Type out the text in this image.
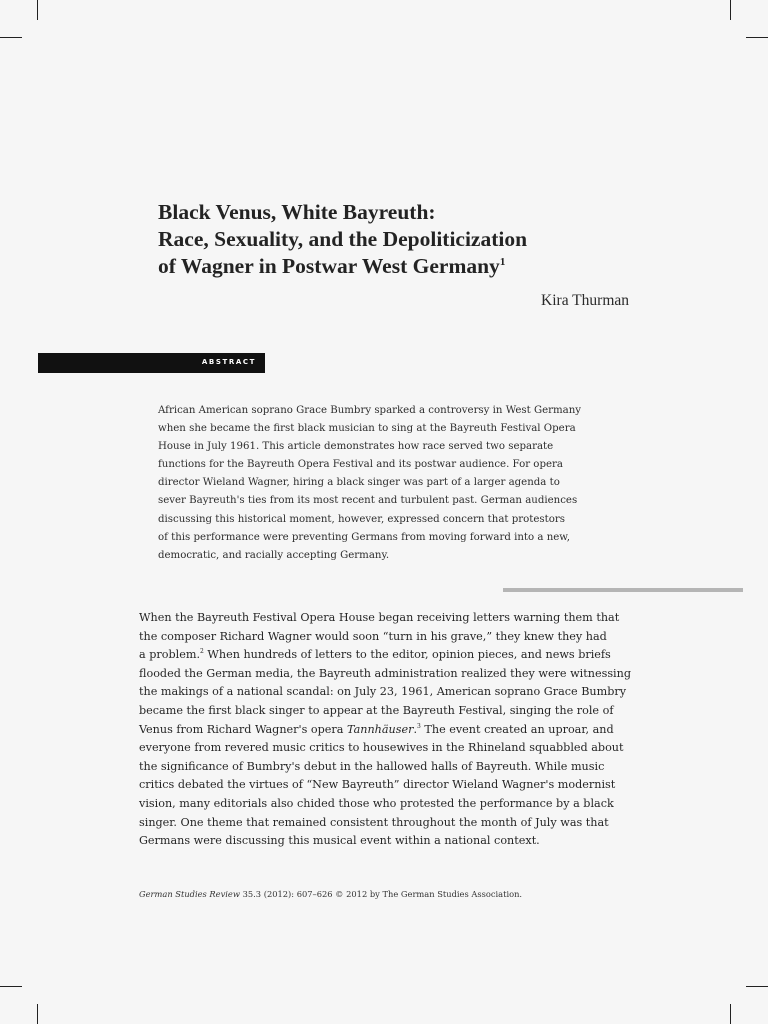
Black Venus, White Bayreuth:
Race, Sexuality, and the Depoliticization
of Wagner in Postwar West Germany$^1$
Kira Thurman
ABSTRACT
African American soprano Grace Bumbry sparked a controversy in West Germany
when she became the first black musician to sing at the Bayreuth Festival Opera
House in July 1961. This article demonstrates how race served two separate
functions for the Bayreuth Opera Festival and its postwar audience. For opera
director Wieland Wagner, hiring a black singer was part of a larger agenda to
sever Bayreuth's ties from its most recent and turbulent past. German audiences
discussing this historical moment, however, expressed concern that protestors
of this performance were preventing Germans from moving forward into a new,
democratic, and racially accepting Germany.
When the Bayreuth Festival Opera House began receiving letters warning them that
the composer Richard Wagner would soon “turn in his grave,” they knew they had
a problem.$^2$ When hundreds of letters to the editor, opinion pieces, and news briefs
flooded the German media, the Bayreuth administration realized they were witnessing
the makings of a national scandal: on July 23, 1961, American soprano Grace Bumbry
became the first black singer to appear at the Bayreuth Festival, singing the role of
Venus from Richard Wagner's opera Tannhäuser.$^3$ The event created an uproar, and
everyone from revered music critics to housewives in the Rhineland squabbled about
the significance of Bumbry's debut in the hallowed halls of Bayreuth. While music
critics debated the virtues of “New Bayreuth” director Wieland Wagner's modernist
vision, many editorials also chided those who protested the performance by a black
singer. One theme that remained consistent throughout the month of July was that
Germans were discussing this musical event within a national context.
German Studies Review 35.3 (2012): 607–626 © 2012 by The German Studies Association.
